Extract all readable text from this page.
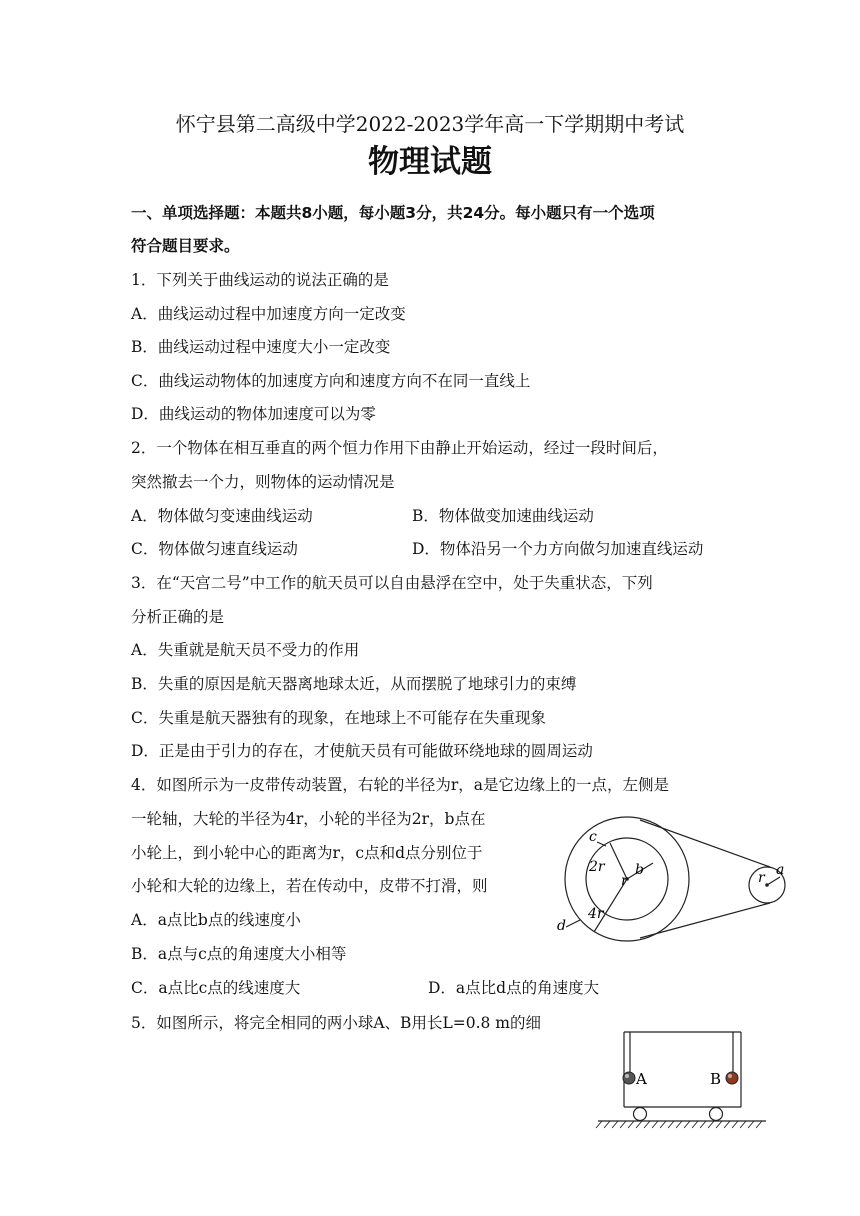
怀宁县第二高级中学2022-2023学年高一下学期期中考试
物理试题
一、单项选择题：本题共8小题，每小题3分，共24分。每小题只有一个选项
符合题目要求。
1．下列关于曲线运动的说法正确的是
A．曲线运动过程中加速度方向一定改变
B．曲线运动过程中速度大小一定改变
C．曲线运动物体的加速度方向和速度方向不在同一直线上
D．曲线运动的物体加速度可以为零
2．一个物体在相互垂直的两个恒力作用下由静止开始运动，经过一段时间后，
突然撤去一个力，则物体的运动情况是
A．物体做匀变速曲线运动	B．物体做变加速曲线运动
C．物体做匀速直线运动	D．物体沿另一个力方向做匀加速直线运动
3．在“天宫二号”中工作的航天员可以自由悬浮在空中，处于失重状态，下列
分析正确的是
A．失重就是航天员不受力的作用
B．失重的原因是航天器离地球太近，从而摆脱了地球引力的束缚
C．失重是航天器独有的现象，在地球上不可能存在失重现象
D．正是由于引力的存在，才使航天员有可能做环绕地球的圆周运动
4．如图所示为一皮带传动装置，右轮的半径为r，a是它边缘上的一点，左侧是
一轮轴，大轮的半径为4r，小轮的半径为2r，b点在
小轮上，到小轮中心的距离为r，c点和d点分别位于
小轮和大轮的边缘上，若在传动中，皮带不打滑，则
A．a点比b点的线速度小
B．a点与c点的角速度大小相等
C．a点比c点的线速度大	D．a点比d点的角速度大
c
2r b
r
4r
d
r a
5．如图所示，将完全相同的两小球A、B用长L=0.8 m的细
A	B
